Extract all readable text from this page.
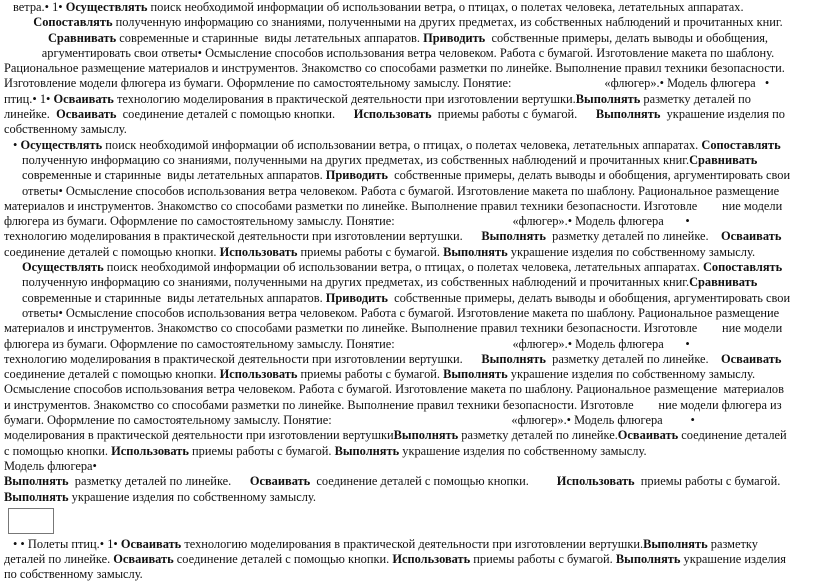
ветра.• 1• Осуществлять поиск необходимой информации об использовании ветра, о птицах, о полетах человека, летательных аппаратах.
Сопоставлять полученную информацию со знаниями, полученными на других предметах, из собственных наблюдений и прочитанных книг.
Сравнивать современные и старинные  виды летательных аппаратов. Приводить  собственные примеры, делать выводы и обобщения,
аргументировать свои ответы• Осмысление способов использования ветра человеком. Работа с бумагой. Изготовление макета по шаблону.
Рациональное размещение материалов и инструментов. Знакомство со способами разметки по линейке. Выполнение правил техники безопасности.
Изготовление модели флюгера из бумаги. Оформление по самостоятельному замыслу. Понятие:                              «флюгер».• Модель флюгера   •
птиц.• 1• Осваивать технологию моделирования в практической деятельности при изготовлении вертушки.Выполнять разметку деталей по
линейке.  Осваивать  соединение деталей с помощью кнопки.      Использовать  приемы работы с бумагой.      Выполнять  украшение изделия по
собственному замыслу.
• Осуществлять поиск необходимой информации об использовании ветра, о птицах, о полетах человека, летательных аппаратах. Сопоставлять
полученную информацию со знаниями, полученными на других предметах, из собственных наблюдений и прочитанных книг.Сравнивать
современные и старинные  виды летательных аппаратов. Приводить  собственные примеры, делать выводы и обобщения, аргументировать свои
ответы• Осмысление способов использования ветра человеком. Работа с бумагой. Изготовление макета по шаблону. Рациональное размещение
материалов и инструментов. Знакомство со способами разметки по линейке. Выполнение правил техники безопасности. Изготовле        ние модели
флюгера из бумаги. Оформление по самостоятельному замыслу. Понятие:                                      «флюгер».• Модель флюгера       •
технологию моделирования в практической деятельности при изготовлении вертушки.      Выполнять  разметку деталей по линейке.    Осваивать
соединение деталей с помощью кнопки. Использовать приемы работы с бумагой. Выполнять украшение изделия по собственному замыслу.
Осуществлять поиск необходимой информации об использовании ветра, о птицах, о полетах человека, летательных аппаратах. Сопоставлять
полученную информацию со знаниями, полученными на других предметах, из собственных наблюдений и прочитанных книг.Сравнивать
современные и старинные  виды летательных аппаратов. Приводить  собственные примеры, делать выводы и обобщения, аргументировать свои
ответы• Осмысление способов использования ветра человеком. Работа с бумагой. Изготовление макета по шаблону. Рациональное размещение
материалов и инструментов. Знакомство со способами разметки по линейке. Выполнение правил техники безопасности. Изготовле        ние модели
флюгера из бумаги. Оформление по самостоятельному замыслу. Понятие:                                      «флюгер».• Модель флюгера       •
технологию моделирования в практической деятельности при изготовлении вертушки.      Выполнять  разметку деталей по линейке.    Осваивать
соединение деталей с помощью кнопки. Использовать приемы работы с бумагой. Выполнять украшение изделия по собственному замыслу.
Осмысление способов использования ветра человеком. Работа с бумагой. Изготовление макета по шаблону. Рациональное размещение  материалов
и инструментов. Знакомство со способами разметки по линейке. Выполнение правил техники безопасности. Изготовле        ние модели флюгера из
бумаги. Оформление по самостоятельному замыслу. Понятие:                                                          «флюгер».• Модель флюгера         •
моделирования в практической деятельности при изготовлении вертушкиВыполнять разметку деталей по линейке.Осваивать соединение деталей
с помощью кнопки. Использовать приемы работы с бумагой. Выполнять украшение изделия по собственному замыслу.
Модель флюгера•
Выполнять  разметку деталей по линейке.      Осваивать  соединение деталей с помощью кнопки.         Использовать  приемы работы с бумагой.
Выполнять украшение изделия по собственному замыслу.
• • Полеты птиц.• 1• Осваивать технологию моделирования в практической деятельности при изготовлении вертушки.Выполнять разметку
деталей по линейке. Осваивать соединение деталей с помощью кнопки. Использовать приемы работы с бумагой. Выполнять украшение изделия
по собственному замыслу.
